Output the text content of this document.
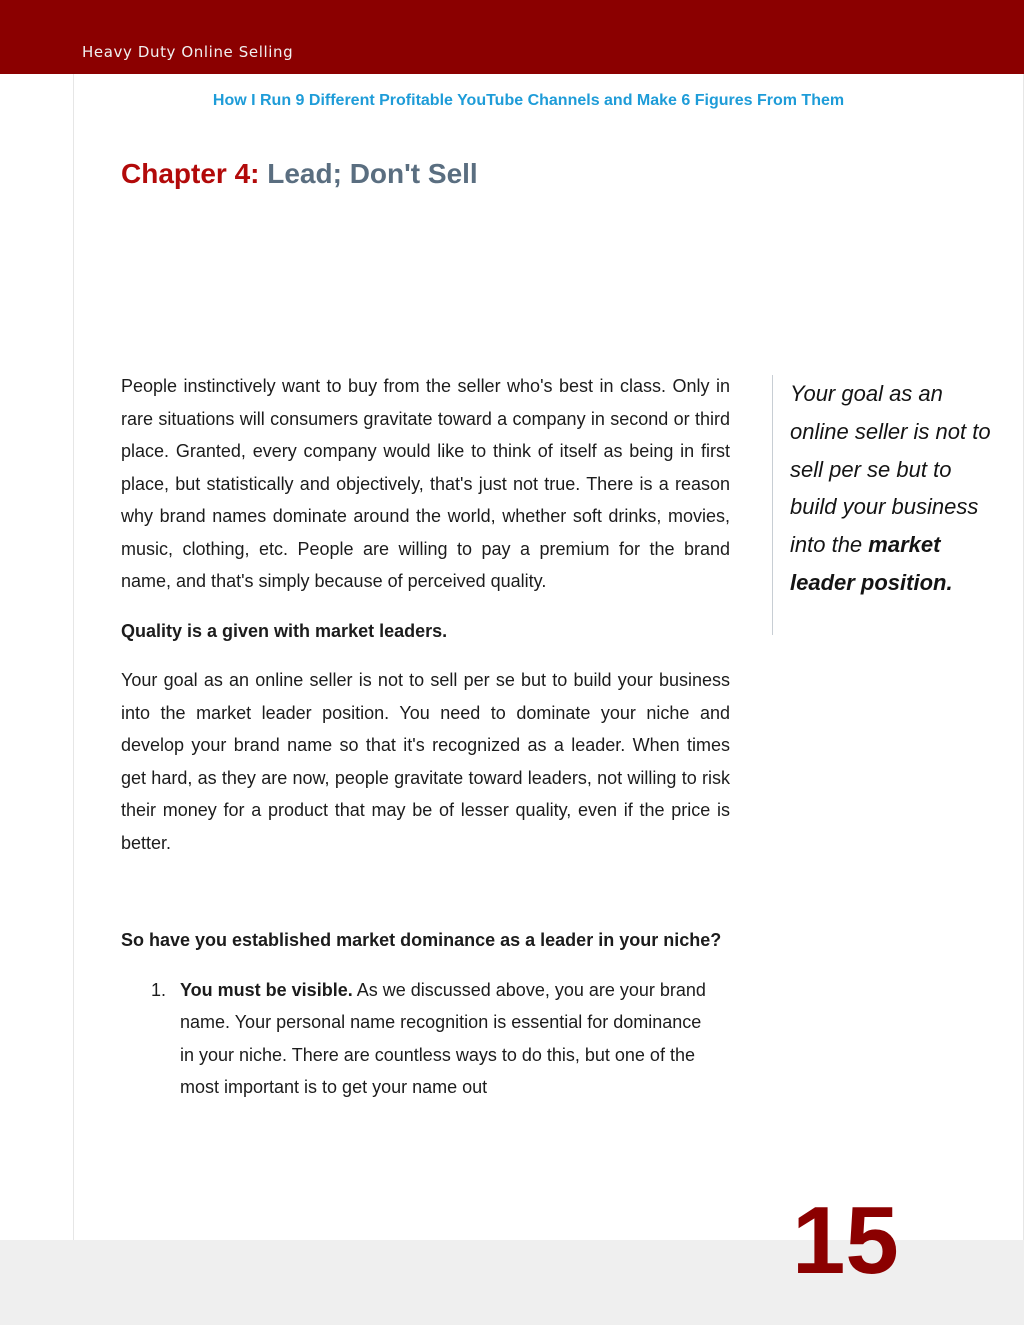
Heavy Duty Online Selling
How I Run 9 Different Profitable YouTube Channels and Make 6 Figures From Them
Chapter 4: Lead; Don't Sell

People instinctively want to buy from the seller who's best in class. Only in rare situations will consumers gravitate toward a company in second or third place. Granted, every company would like to think of itself as being in first place, but statistically and objectively, that's just not true. There is a reason why brand names dominate around the world, whether soft drinks, movies, music, clothing, etc. People are willing to pay a premium for the brand name, and that's simply because of perceived quality.

Quality is a given with market leaders.

Your goal as an online seller is not to sell per se but to build your business into the market leader position. You need to dominate your niche and develop your brand name so that it's recognized as a leader. When times get hard, as they are now, people gravitate toward leaders, not willing to risk their money for a product that may be of lesser quality, even if the price is better.

So have you established market dominance as a leader in your niche?

1. You must be visible. As we discussed above, you are your brand name. Your personal name recognition is essential for dominance in your niche. There are countless ways to do this, but one of the most important is to get your name out
Your goal as an online seller is not to sell per se but to build your business into the market leader position.
15
